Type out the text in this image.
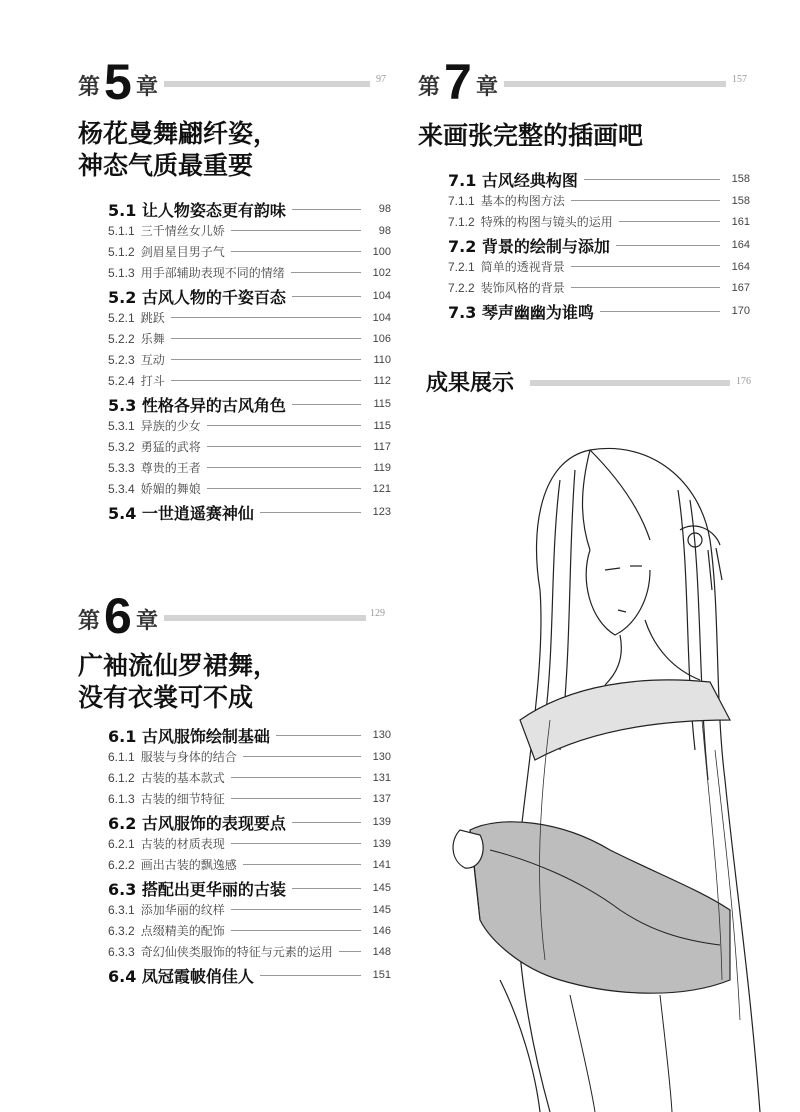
第 5 章	97
杨花曼舞翩纤姿，
神态气质最重要
5.1 让人物姿态更有韵味	98
5.1.1 三千情丝女儿娇	98
5.1.2 剑眉星目男子气	100
5.1.3 用手部辅助表现不同的情绪	102
5.2 古风人物的千姿百态	104
5.2.1 跳跃	104
5.2.2 乐舞	106
5.2.3 互动	110
5.2.4 打斗	112
5.3 性格各异的古风角色	115
5.3.1 异族的少女	115
5.3.2 勇猛的武将	117
5.3.3 尊贵的王者	119
5.3.4 娇媚的舞娘	121
5.4 一世逍遥赛神仙	123
第 6 章	129
广袖流仙罗裙舞，
没有衣裳可不成
6.1 古风服饰绘制基础	130
6.1.1 服装与身体的结合	130
6.1.2 古装的基本款式	131
6.1.3 古装的细节特征	137
6.2 古风服饰的表现要点	139
6.2.1 古装的材质表现	139
6.2.2 画出古装的飘逸感	141
6.3 搭配出更华丽的古装	145
6.3.1 添加华丽的纹样	145
6.3.2 点缀精美的配饰	146
6.3.3 奇幻仙侠类服饰的特征与元素的运用	148
6.4 凤冠霞帔俏佳人	151
第 7 章	157
来画张完整的插画吧
7.1 古风经典构图	158
7.1.1 基本的构图方法	158
7.1.2 特殊的构图与镜头的运用	161
7.2 背景的绘制与添加	164
7.2.1 简单的透视背景	164
7.2.2 装饰风格的背景	167
7.3 琴声幽幽为谁鸣	170
成果展示	176
